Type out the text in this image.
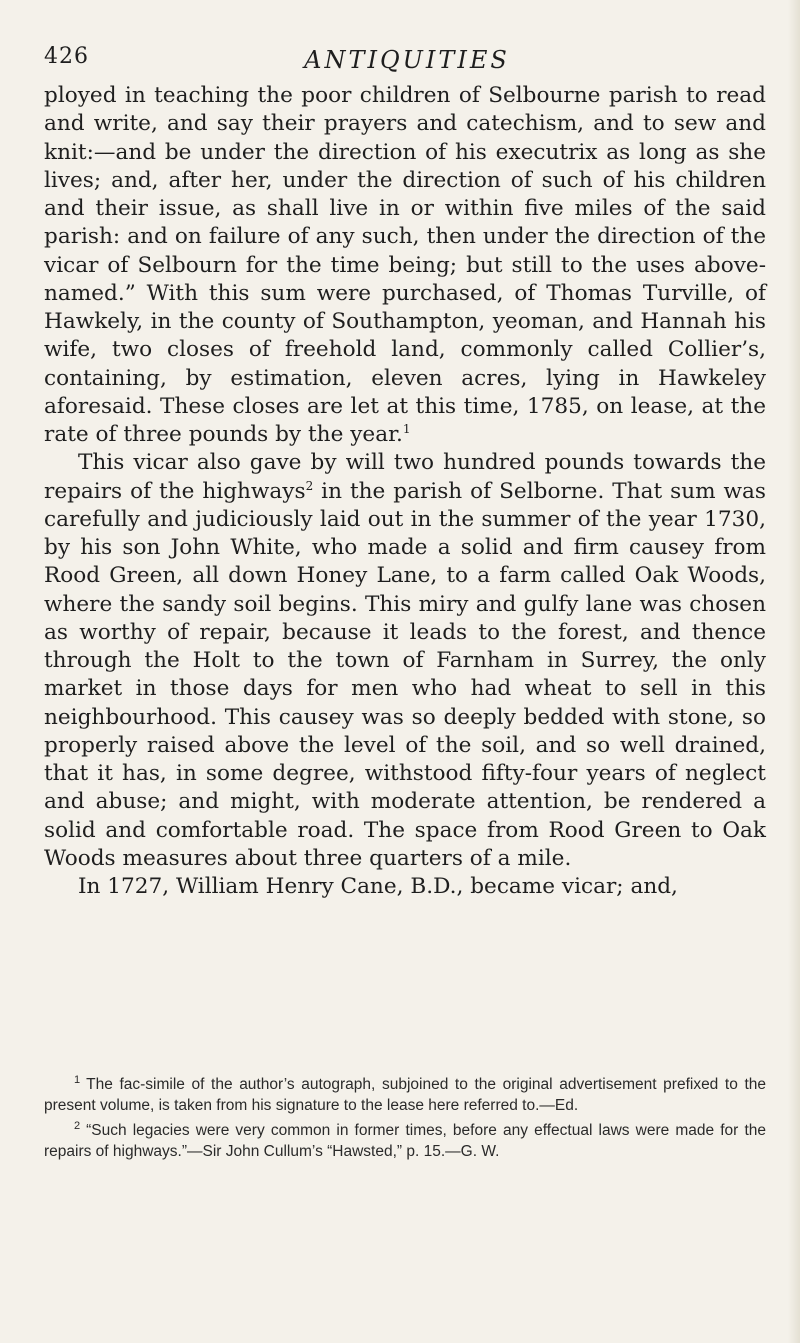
426	ANTIQUITIES

ployed in teaching the poor children of Selbourne parish to read and write, and say their prayers and catechism, and to sew and knit:—and be under the direction of his executrix as long as she lives; and, after her, under the direction of such of his children and their issue, as shall live in or within five miles of the said parish: and on failure of any such, then under the direction of the vicar of Selbourn for the time being; but still to the uses above-named.” With this sum were purchased, of Thomas Turville, of Hawkely, in the county of Southampton, yeoman, and Hannah his wife, two closes of freehold land, commonly called Collier’s, containing, by estimation, eleven acres, lying in Hawkeley aforesaid. These closes are let at this time, 1785, on lease, at the rate of three pounds by the year.$^1$

This vicar also gave by will two hundred pounds towards the repairs of the highways$^2$ in the parish of Selborne. That sum was carefully and judiciously laid out in the summer of the year 1730, by his son John White, who made a solid and firm causey from Rood Green, all down Honey Lane, to a farm called Oak Woods, where the sandy soil begins. This miry and gulfy lane was chosen as worthy of repair, because it leads to the forest, and thence through the Holt to the town of Farnham in Surrey, the only market in those days for men who had wheat to sell in this neighbourhood. This causey was so deeply bedded with stone, so properly raised above the level of the soil, and so well drained, that it has, in some degree, withstood fifty-four years of neglect and abuse; and might, with moderate attention, be rendered a solid and comfortable road. The space from Rood Green to Oak Woods measures about three quarters of a mile.

In 1727, William Henry Cane, B.D., became vicar; and,

$^1$ The fac-simile of the author’s autograph, subjoined to the original advertisement prefixed to the present volume, is taken from his signature to the lease here referred to.—Ed.

$^2$ “Such legacies were very common in former times, before any effectual laws were made for the repairs of highways.”—Sir John Cullum’s “Hawsted,” p. 15.—G. W.
